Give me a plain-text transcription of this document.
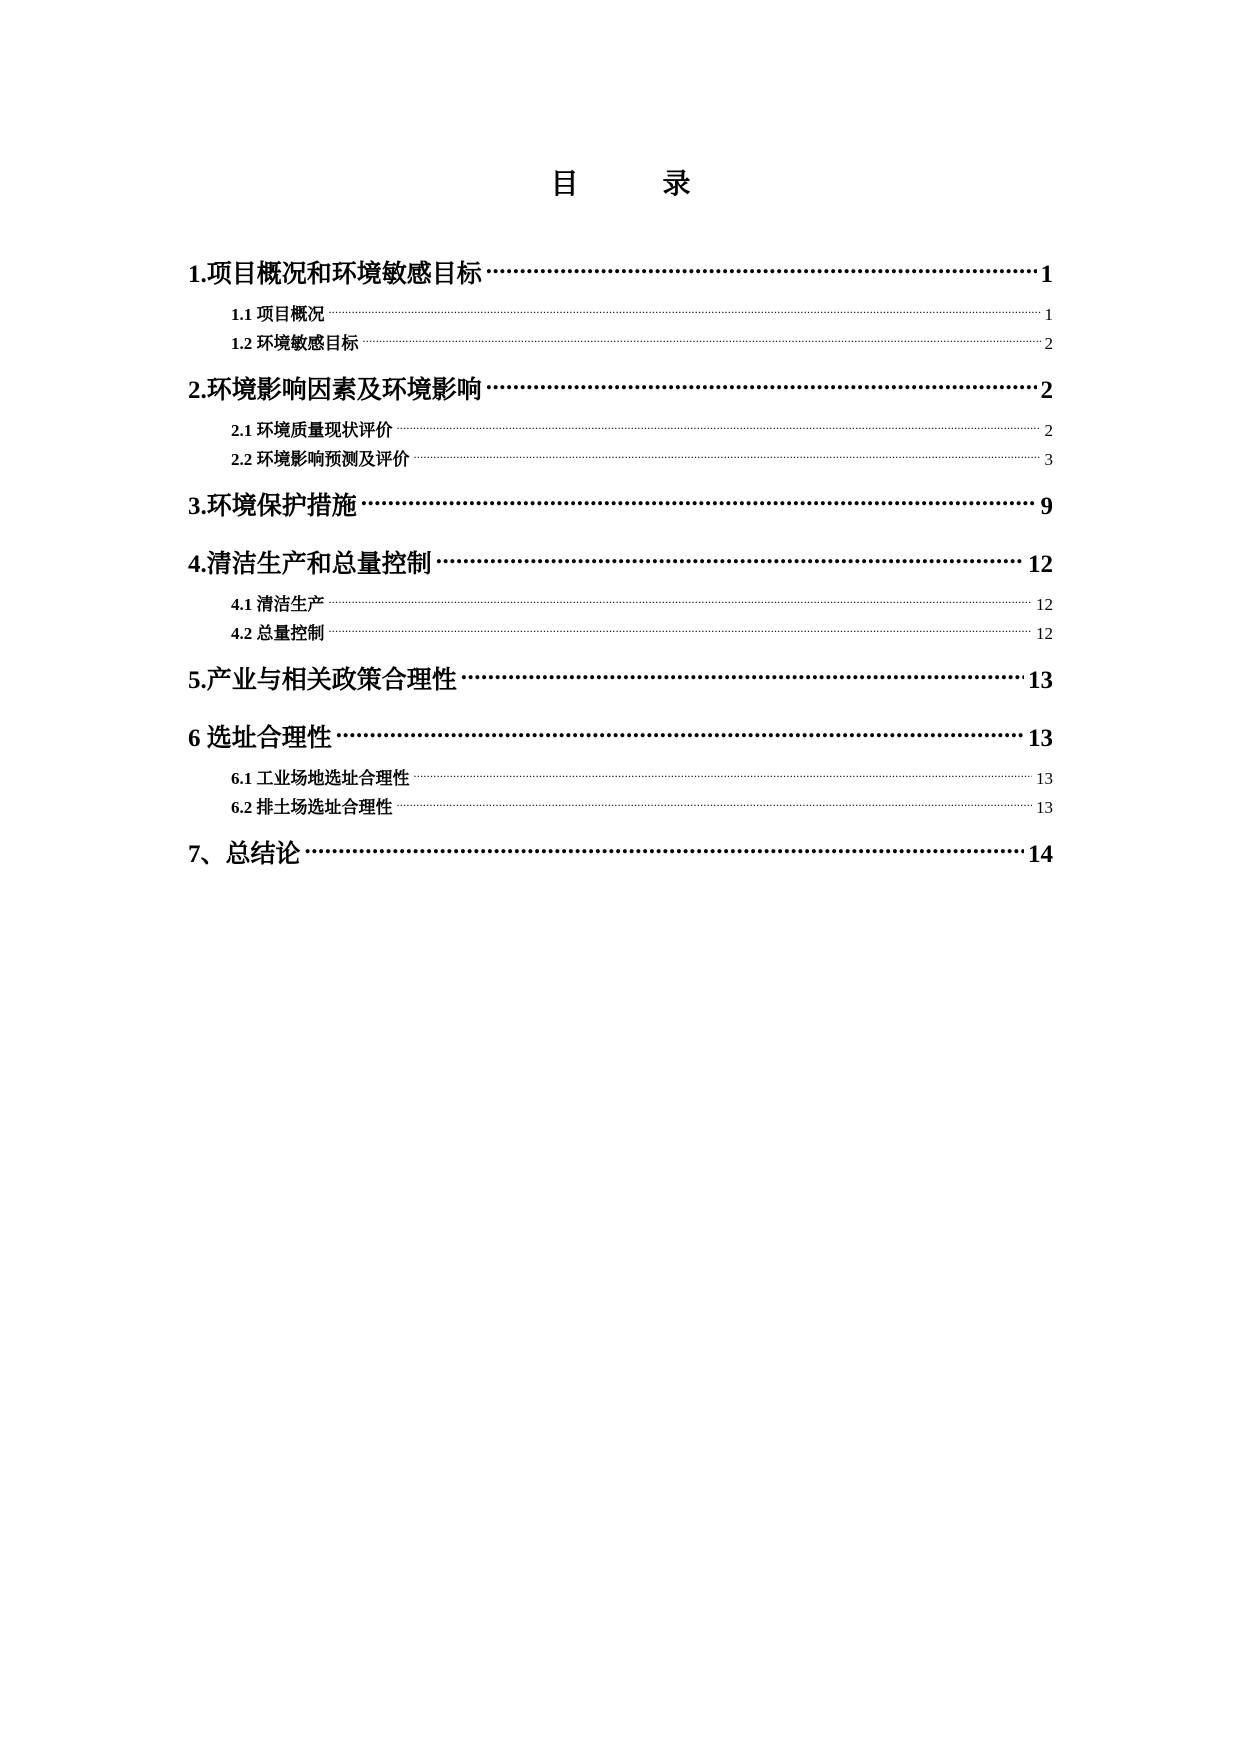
目　录
1.项目概况和环境敏感目标 .....	1
1.1 项目概况 .....	1
1.2 环境敏感目标 .....	2
2.环境影响因素及环境影响 .....	2
2.1 环境质量现状评价 .....	2
2.2 环境影响预测及评价 .....	3
3.环境保护措施 .....	9
4.清洁生产和总量控制 .....	12
4.1 清洁生产 .....	12
4.2 总量控制 .....	12
5.产业与相关政策合理性 .....	13
6 选址合理性 .....	13
6.1 工业场地选址合理性 .....	13
6.2 排土场选址合理性 .....	13
7、总结论 .....	14
